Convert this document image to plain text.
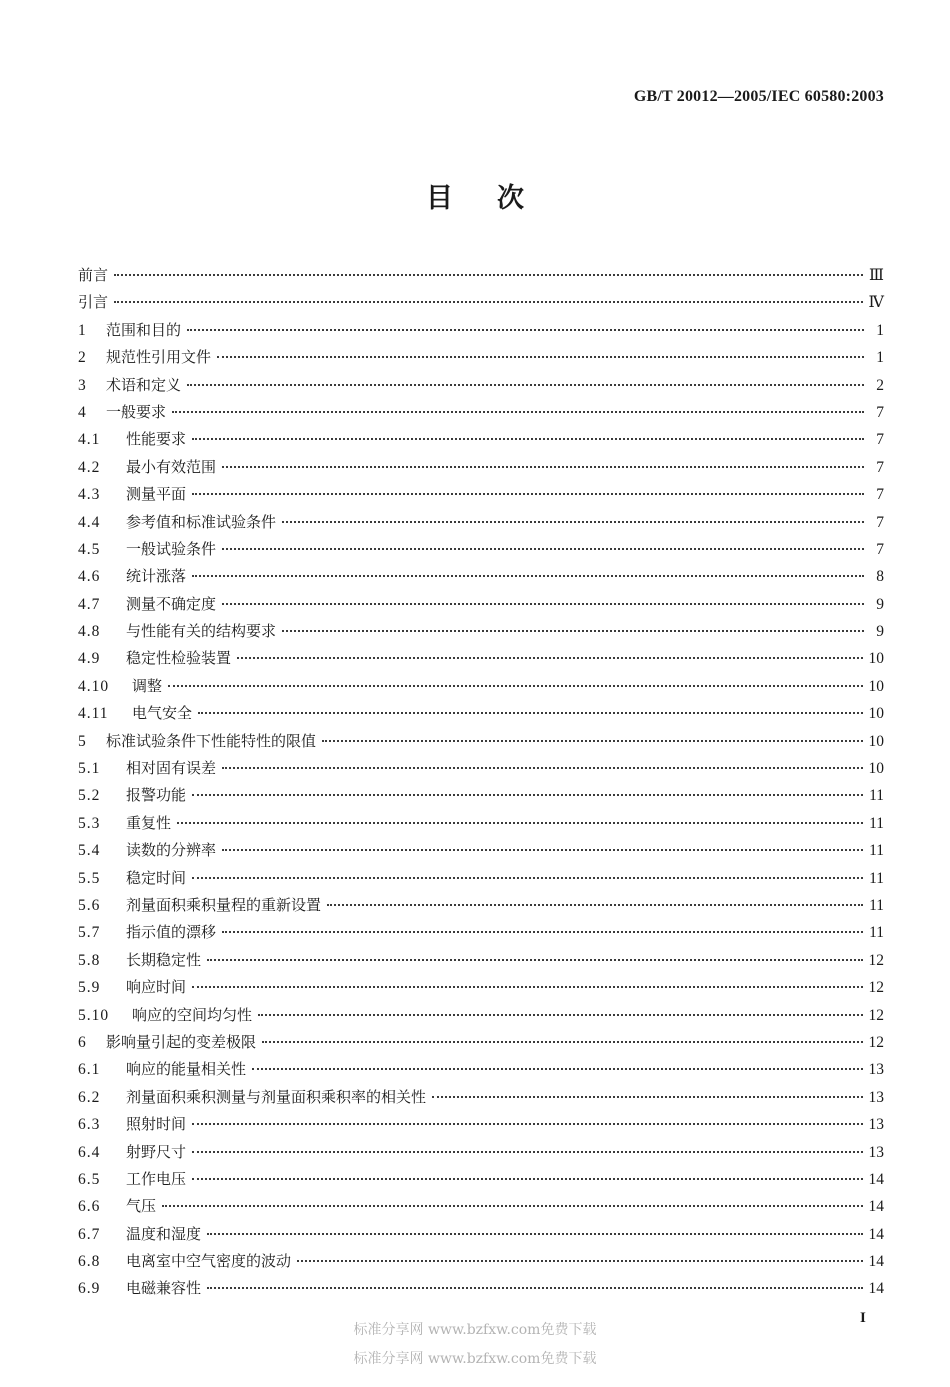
GB/T 20012—2005/IEC 60580:2003
目次
前言	Ⅲ
引言	Ⅳ
1	范围和目的	1
2	规范性引用文件	1
3	术语和定义	2
4	一般要求	7
4.1	性能要求	7
4.2	最小有效范围	7
4.3	测量平面	7
4.4	参考值和标准试验条件	7
4.5	一般试验条件	7
4.6	统计涨落	8
4.7	测量不确定度	9
4.8	与性能有关的结构要求	9
4.9	稳定性检验装置	10
4.10	调整	10
4.11	电气安全	10
5	标准试验条件下性能特性的限值	10
5.1	相对固有误差	10
5.2	报警功能	11
5.3	重复性	11
5.4	读数的分辨率	11
5.5	稳定时间	11
5.6	剂量面积乘积量程的重新设置	11
5.7	指示值的漂移	11
5.8	长期稳定性	12
5.9	响应时间	12
5.10	响应的空间均匀性	12
6	影响量引起的变差极限	12
6.1	响应的能量相关性	13
6.2	剂量面积乘积测量与剂量面积乘积率的相关性	13
6.3	照射时间	13
6.4	射野尺寸	13
6.5	工作电压	14
6.6	气压	14
6.7	温度和湿度	14
6.8	电离室中空气密度的波动	14
6.9	电磁兼容性	14
I
标准分享网 www.bzfxw.com免费下载
标准分享网 www.bzfxw.com免费下载
